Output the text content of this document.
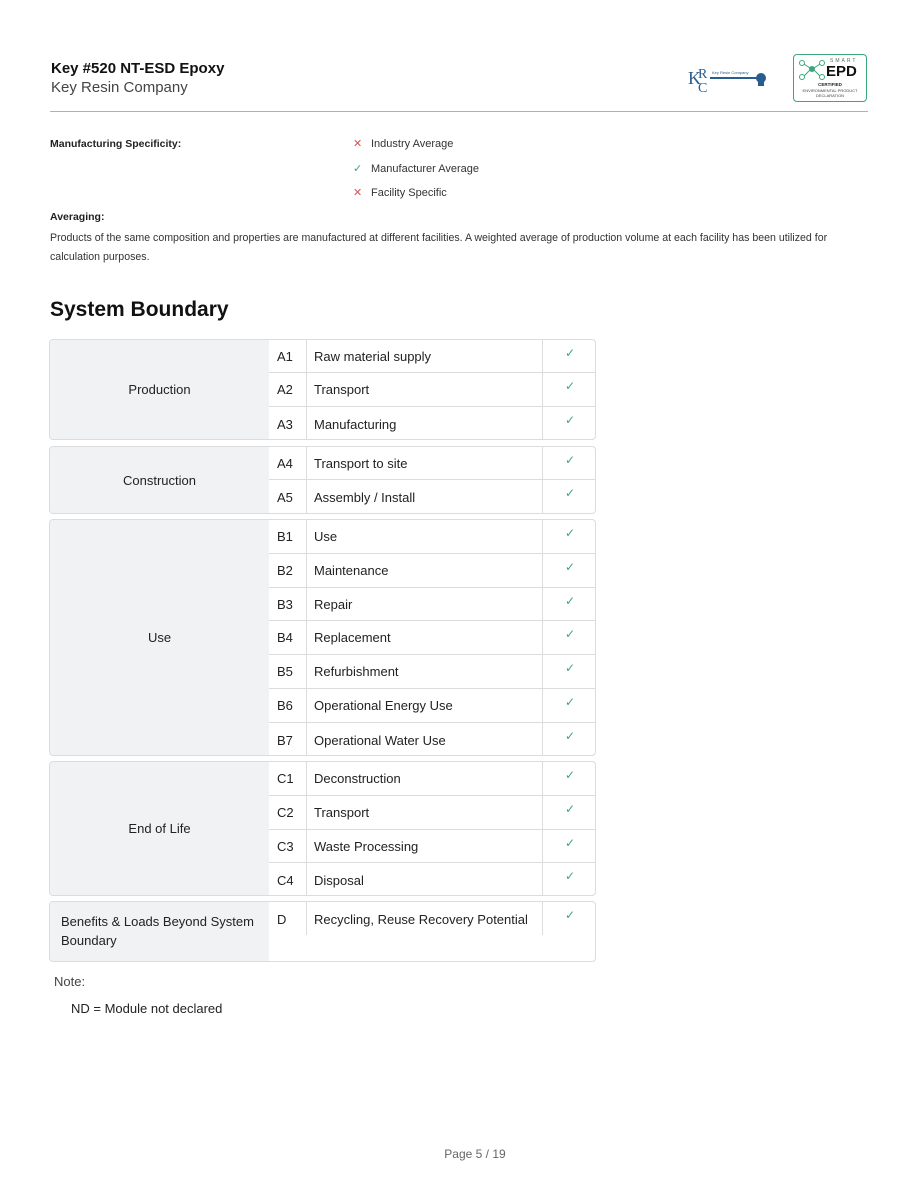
Key #520 NT-ESD Epoxy
Key Resin Company	K
R
C
Key Resin Company
SMART
EPD
CERTIFIED
ENVIRONMENTAL PRODUCT DECLARATION
Manufacturing Specificity:	✕ Industry Average
✓ Manufacturer Average
✕ Facility Specific
Averaging:
Products of the same composition and properties are manufactured at different facilities. A weighted average of production volume at each facility has been utilized for calculation purposes.
System Boundary
Production
A1	Raw material supply	✓
A2	Transport	✓
A3	Manufacturing	✓
Construction
A4	Transport to site	✓
A5	Assembly / Install	✓
Use
B1	Use	✓
B2	Maintenance	✓
B3	Repair	✓
B4	Replacement	✓
B5	Refurbishment	✓
B6	Operational Energy Use	✓
B7	Operational Water Use	✓
End of Life
C1	Deconstruction	✓
C2	Transport	✓
C3	Waste Processing	✓
C4	Disposal	✓
Benefits & Loads Beyond System Boundary
D	Recycling, Reuse Recovery Potential	✓
Note:
ND = Module not declared
Page 5 / 19
